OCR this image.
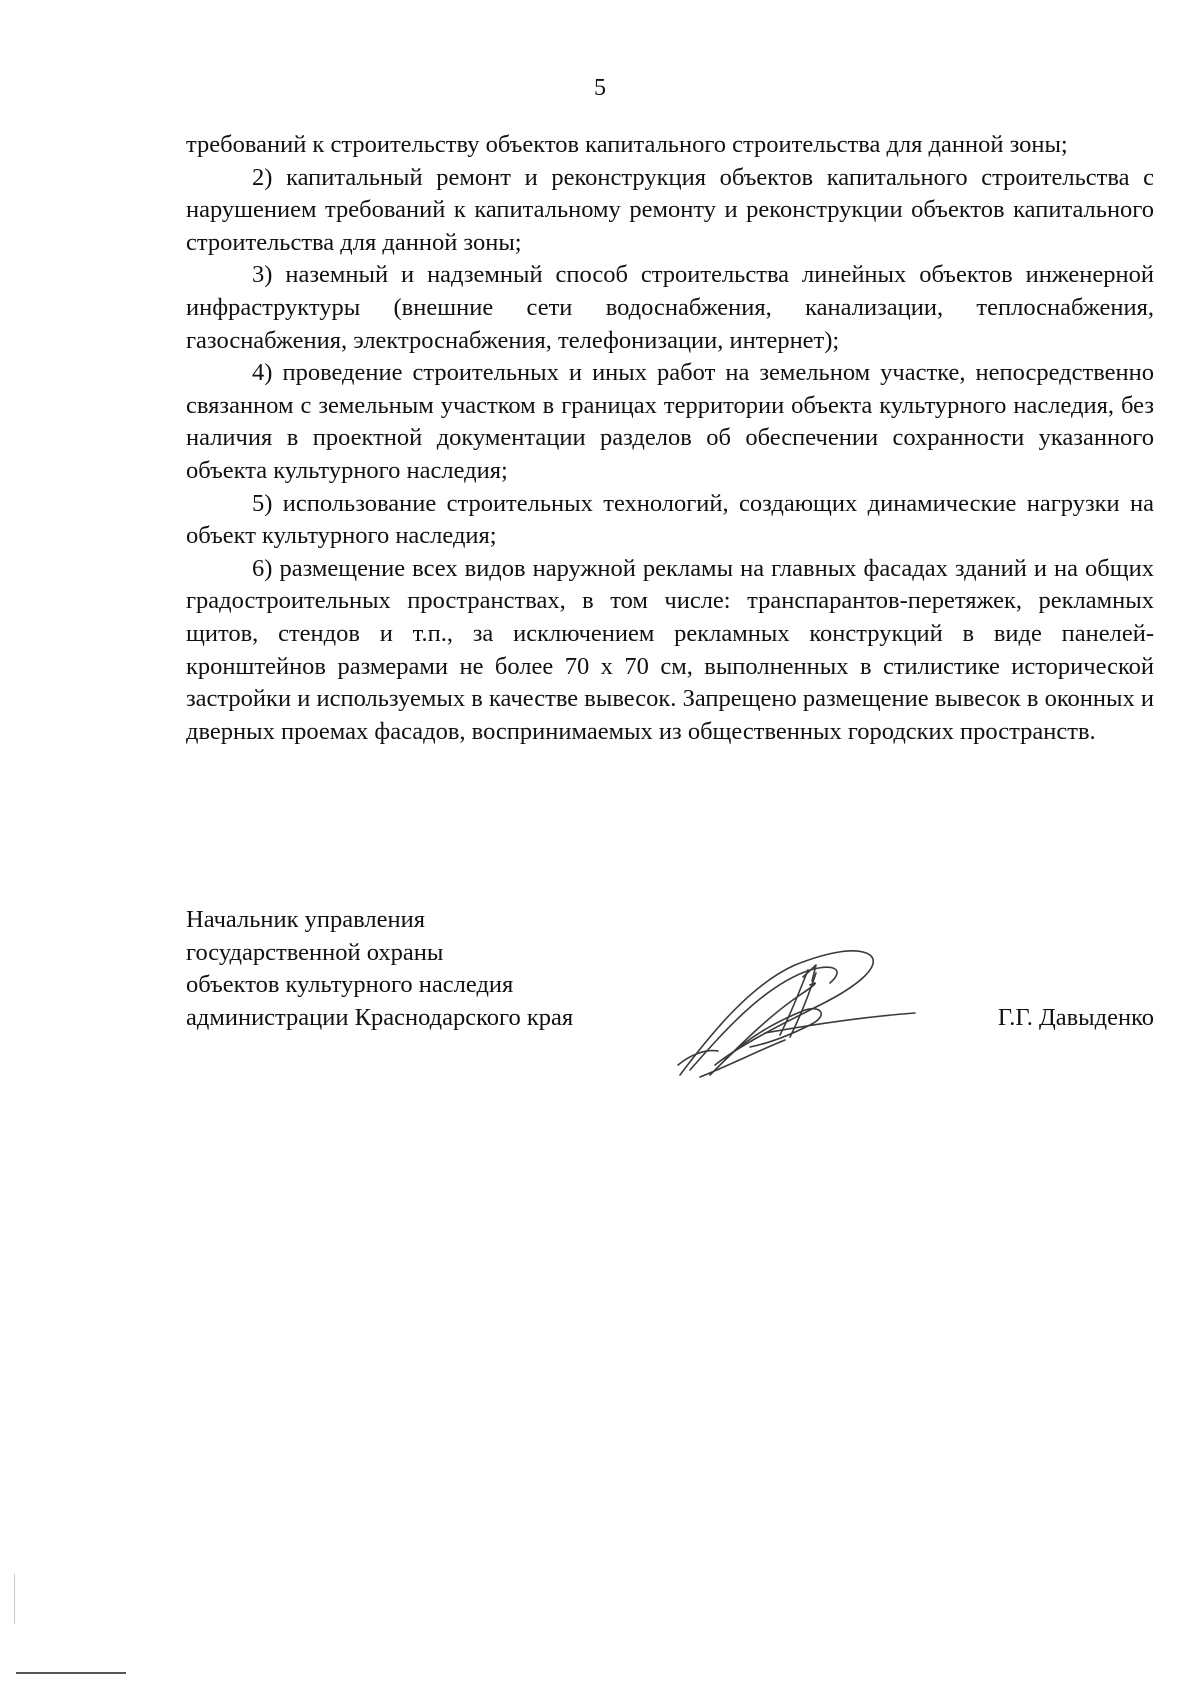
5

требований к строительству объектов капитального строительства для данной зоны;

2) капитальный ремонт и реконструкция объектов капитального строительства с нарушением требований к капитальному ремонту и реконструкции объектов капитального строительства для данной зоны;

3) наземный и надземный способ строительства линейных объектов инженерной инфраструктуры (внешние сети водоснабжения, канализации, теплоснабжения, газоснабжения, электроснабжения, телефонизации, интернет);

4) проведение строительных и иных работ на земельном участке, непосредственно связанном с земельным участком в границах территории объекта культурного наследия, без наличия в проектной документации разделов об обеспечении сохранности указанного объекта культурного наследия;

5) использование строительных технологий, создающих динамические нагрузки на объект культурного наследия;

6) размещение всех видов наружной рекламы на главных фасадах зданий и на общих градостроительных пространствах, в том числе: транспарантов-перетяжек, рекламных щитов, стендов и т.п., за исключением рекламных конструкций в виде панелей-кронштейнов размерами не более 70 х 70 см, выполненных в стилистике исторической застройки и используемых в качестве вывесок. Запрещено размещение вывесок в оконных и дверных проемах фасадов, воспринимаемых из общественных городских пространств.

Начальник управления
государственной охраны
объектов культурного наследия
администрации Краснодарского края	Г.Г. Давыденко
